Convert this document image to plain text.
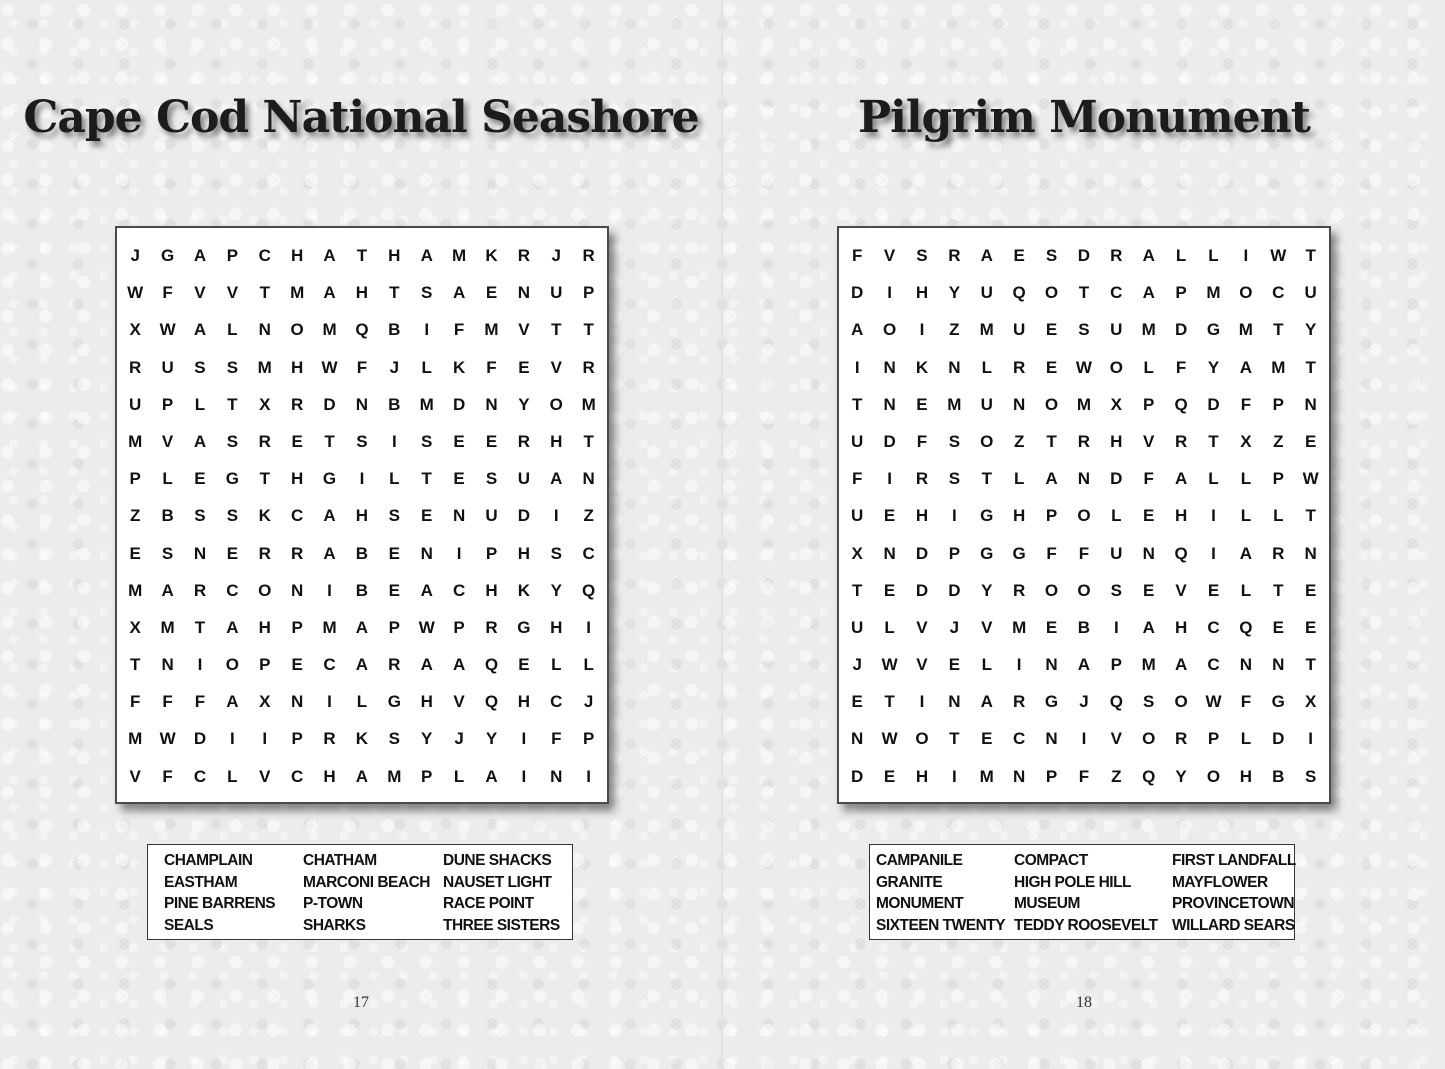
Cape Cod National Seashore
J	G	A	P	C	H	A	T	H	A	M	K	R	J	R
W	F	V	V	T	M	A	H	T	S	A	E	N	U	P
X	W	A	L	N	O	M	Q	B	I	F	M	V	T	T
R	U	S	S	M	H	W	F	J	L	K	F	E	V	R
U	P	L	T	X	R	D	N	B	M	D	N	Y	O	M
M	V	A	S	R	E	T	S	I	S	E	E	R	H	T
P	L	E	G	T	H	G	I	L	T	E	S	U	A	N
Z	B	S	S	K	C	A	H	S	E	N	U	D	I	Z
E	S	N	E	R	R	A	B	E	N	I	P	H	S	C
M	A	R	C	O	N	I	B	E	A	C	H	K	Y	Q
X	M	T	A	H	P	M	A	P	W	P	R	G	H	I
T	N	I	O	P	E	C	A	R	A	A	Q	E	L	L
F	F	F	A	X	N	I	L	G	H	V	Q	H	C	J
M	W	D	I	I	P	R	K	S	Y	J	Y	I	F	P
V	F	C	L	V	C	H	A	M	P	L	A	I	N	I
CHAMPLAIN
EASTHAM
PINE BARRENS
SEALS
CHATHAM
MARCONI BEACH
P-TOWN
SHARKS
DUNE SHACKS
NAUSET LIGHT
RACE POINT
THREE SISTERS
17
Pilgrim Monument
F	V	S	R	A	E	S	D	R	A	L	L	I	W	T
D	I	H	Y	U	Q	O	T	C	A	P	M	O	C	U
A	O	I	Z	M	U	E	S	U	M	D	G	M	T	Y
I	N	K	N	L	R	E	W	O	L	F	Y	A	M	T
T	N	E	M	U	N	O	M	X	P	Q	D	F	P	N
U	D	F	S	O	Z	T	R	H	V	R	T	X	Z	E
F	I	R	S	T	L	A	N	D	F	A	L	L	P	W
U	E	H	I	G	H	P	O	L	E	H	I	L	L	T
X	N	D	P	G	G	F	F	U	N	Q	I	A	R	N
T	E	D	D	Y	R	O	O	S	E	V	E	L	T	E
U	L	V	J	V	M	E	B	I	A	H	C	Q	E	E
J	W	V	E	L	I	N	A	P	M	A	C	N	N	T
E	T	I	N	A	R	G	J	Q	S	O	W	F	G	X
N	W	O	T	E	C	N	I	V	O	R	P	L	D	I
D	E	H	I	M	N	P	F	Z	Q	Y	O	H	B	S
CAMPANILE
GRANITE
MONUMENT
SIXTEEN TWENTY
COMPACT
HIGH POLE HILL
MUSEUM
TEDDY ROOSEVELT
FIRST LANDFALL
MAYFLOWER
PROVINCETOWN
WILLARD SEARS
18
